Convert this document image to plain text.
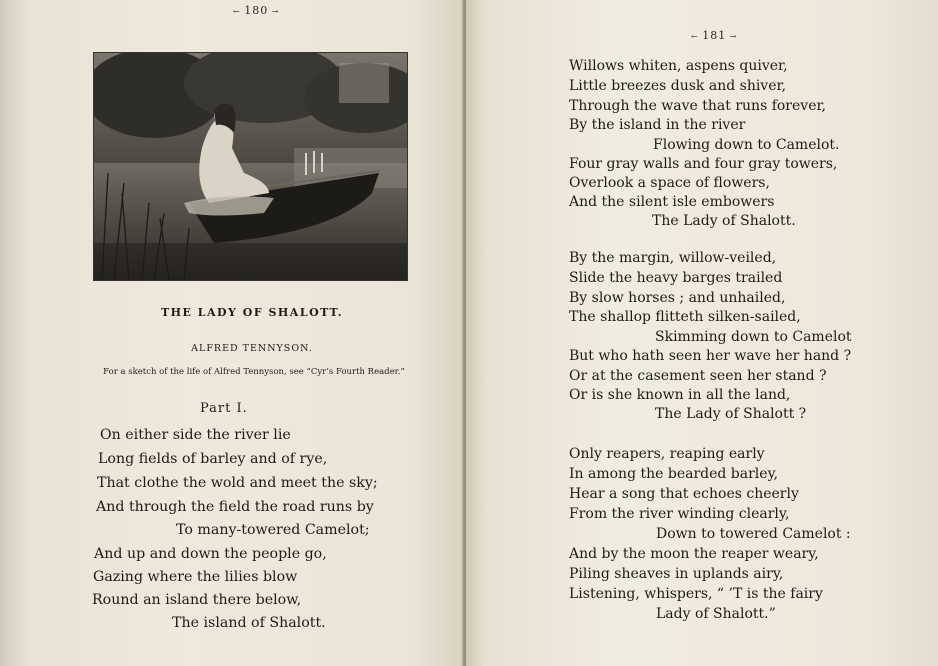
← 180 →
THE LADY OF SHALOTT.
ALFRED TENNYSON.
For a sketch of the life of Alfred Tennyson, see “Cyr’s Fourth Reader.”
Part I.
On either side the river lie
Long fields of barley and of rye,
That clothe the wold and meet the sky;
And through the field the road runs by
To many-towered Camelot;
And up and down the people go,
Gazing where the lilies blow
Round an island there below,
The island of Shalott.
← 181 →
Willows whiten, aspens quiver,
Little breezes dusk and shiver,
Through the wave that runs forever,
By the island in the river
Flowing down to Camelot.
Four gray walls and four gray towers,
Overlook a space of flowers,
And the silent isle embowers
The Lady of Shalott.
By the margin, willow-veiled,
Slide the heavy barges trailed
By slow horses ; and unhailed,
The shallop flitteth silken-sailed,
Skimming down to Camelot
But who hath seen her wave her hand ?
Or at the casement seen her stand ?
Or is she known in all the land,
The Lady of Shalott ?
Only reapers, reaping early
In among the bearded barley,
Hear a song that echoes cheerly
From the river winding clearly,
Down to towered Camelot :
And by the moon the reaper weary,
Piling sheaves in uplands airy,
Listening, whispers, “ ’T is the fairy
Lady of Shalott.”
